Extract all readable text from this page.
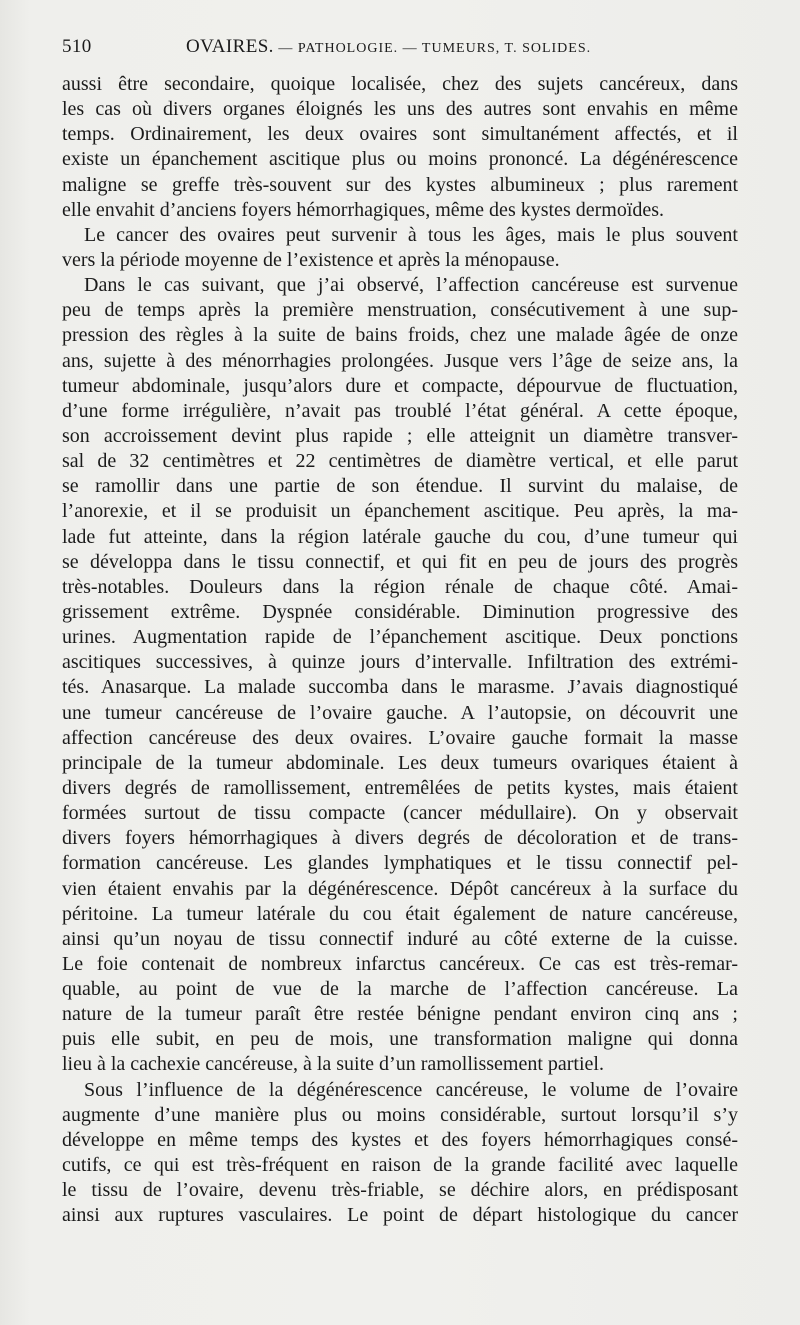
510	OVAIRES. — PATHOLOGIE. — TUMEURS, T. SOLIDES.
aussi être secondaire, quoique localisée, chez des sujets cancéreux, dans
les cas où divers organes éloignés les uns des autres sont envahis en même
temps. Ordinairement, les deux ovaires sont simultanément affectés, et il
existe un épanchement ascitique plus ou moins prononcé. La dégénérescence
maligne se greffe très-souvent sur des kystes albumineux ; plus rarement
elle envahit d’anciens foyers hémorrhagiques, même des kystes dermoïdes.
Le cancer des ovaires peut survenir à tous les âges, mais le plus souvent
vers la période moyenne de l’existence et après la ménopause.
Dans le cas suivant, que j’ai observé, l’affection cancéreuse est survenue
peu de temps après la première menstruation, consécutivement à une sup-
pression des règles à la suite de bains froids, chez une malade âgée de onze
ans, sujette à des ménorrhagies prolongées. Jusque vers l’âge de seize ans, la
tumeur abdominale, jusqu’alors dure et compacte, dépourvue de fluctuation,
d’une forme irrégulière, n’avait pas troublé l’état général. A cette époque,
son accroissement devint plus rapide ; elle atteignit un diamètre transver-
sal de 32 centimètres et 22 centimètres de diamètre vertical, et elle parut
se ramollir dans une partie de son étendue. Il survint du malaise, de
l’anorexie, et il se produisit un épanchement ascitique. Peu après, la ma-
lade fut atteinte, dans la région latérale gauche du cou, d’une tumeur qui
se développa dans le tissu connectif, et qui fit en peu de jours des progrès
très-notables. Douleurs dans la région rénale de chaque côté. Amai-
grissement extrême. Dyspnée considérable. Diminution progressive des
urines. Augmentation rapide de l’épanchement ascitique. Deux ponctions
ascitiques successives, à quinze jours d’intervalle. Infiltration des extrémi-
tés. Anasarque. La malade succomba dans le marasme. J’avais diagnostiqué
une tumeur cancéreuse de l’ovaire gauche. A l’autopsie, on découvrit une
affection cancéreuse des deux ovaires. L’ovaire gauche formait la masse
principale de la tumeur abdominale. Les deux tumeurs ovariques étaient à
divers degrés de ramollissement, entremêlées de petits kystes, mais étaient
formées surtout de tissu compacte (cancer médullaire). On y observait
divers foyers hémorrhagiques à divers degrés de décoloration et de trans-
formation cancéreuse. Les glandes lymphatiques et le tissu connectif pel-
vien étaient envahis par la dégénérescence. Dépôt cancéreux à la surface du
péritoine. La tumeur latérale du cou était également de nature cancéreuse,
ainsi qu’un noyau de tissu connectif induré au côté externe de la cuisse.
Le foie contenait de nombreux infarctus cancéreux. Ce cas est très-remar-
quable, au point de vue de la marche de l’affection cancéreuse. La
nature de la tumeur paraît être restée bénigne pendant environ cinq ans ;
puis elle subit, en peu de mois, une transformation maligne qui donna
lieu à la cachexie cancéreuse, à la suite d’un ramollissement partiel.
Sous l’influence de la dégénérescence cancéreuse, le volume de l’ovaire
augmente d’une manière plus ou moins considérable, surtout lorsqu’il s’y
développe en même temps des kystes et des foyers hémorrhagiques consé-
cutifs, ce qui est très-fréquent en raison de la grande facilité avec laquelle
le tissu de l’ovaire, devenu très-friable, se déchire alors, en prédisposant
ainsi aux ruptures vasculaires. Le point de départ histologique du cancer
